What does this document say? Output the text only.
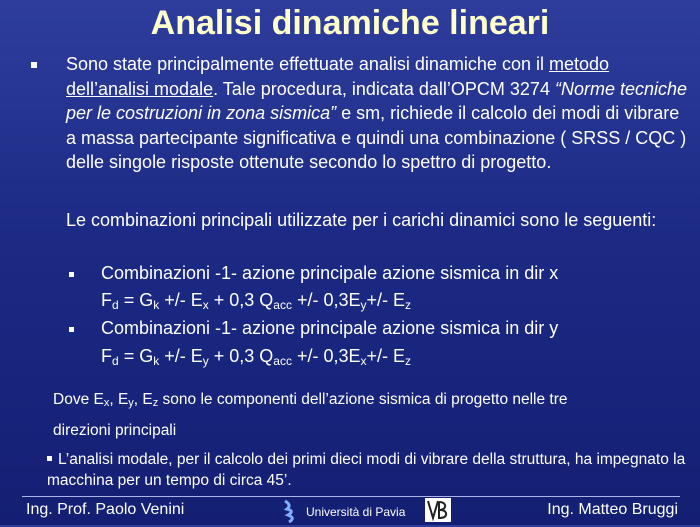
Analisi dinamiche lineari
Sono state principalmente effettuate analisi dinamiche con il metodo dell’analisi modale. Tale procedura, indicata dall’OPCM 3274 “Norme tecniche per le costruzioni in zona sismica” e sm, richiede il calcolo dei modi di vibrare a massa partecipante significativa e quindi una combinazione ( SRSS / CQC ) delle singole risposte ottenute secondo lo spettro di progetto.
Le combinazioni principali utilizzate per i carichi dinamici sono le seguenti:
Combinazioni -1- azione principale azione sismica in dir x
$F_d = G_k$ +/- $E_x + 0,3$ $Q_{acc}$ +/- $0,3E_y+/-$ $E_z$
Combinazioni -1- azione principale azione sismica in dir y
$F_d = G_k$ +/- $E_y + 0,3$ $Q_{acc}$ +/- $0,3E_x+/-$ $E_z$
Dove $E_x$, $E_y$, $E_z$ sono le componenti dell’azione sismica di progetto nelle tre
direzioni principali
L’analisi modale, per il calcolo dei primi dieci modi di vibrare della struttura, ha impegnato la macchina per un tempo di circa 45’.
Ing. Prof. Paolo Venini	Università di Pavia	Ing. Matteo Bruggi
